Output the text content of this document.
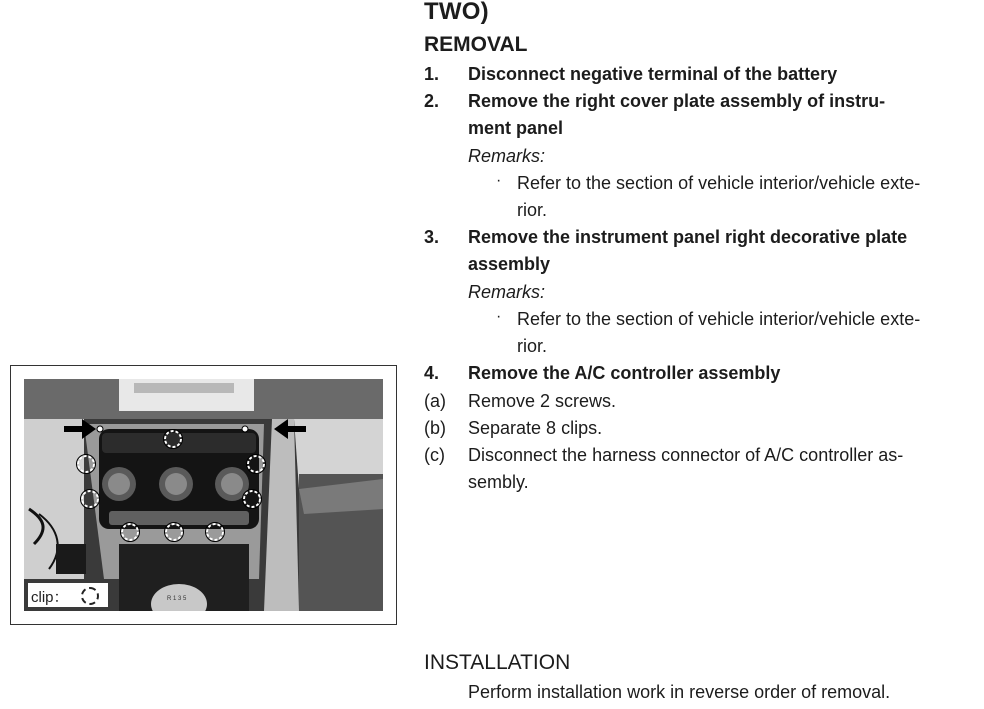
TWO)
REMOVAL
1. Disconnect negative terminal of the battery
2. Remove the right cover plate assembly of instru-
ment panel
Remarks:
· Refer to the section of vehicle interior/vehicle exte-
rior.
3. Remove the instrument panel right decorative plate
assembly
Remarks:
· Refer to the section of vehicle interior/vehicle exte-
rior.
4. Remove the A/C controller assembly
(a) Remove 2 screws.
(b) Separate 8 clips.
(c) Disconnect the harness connector of A/C controller as-
sembly.
INSTALLATION
Perform installation work in reverse order of removal.
R 1 3 5
clip：
